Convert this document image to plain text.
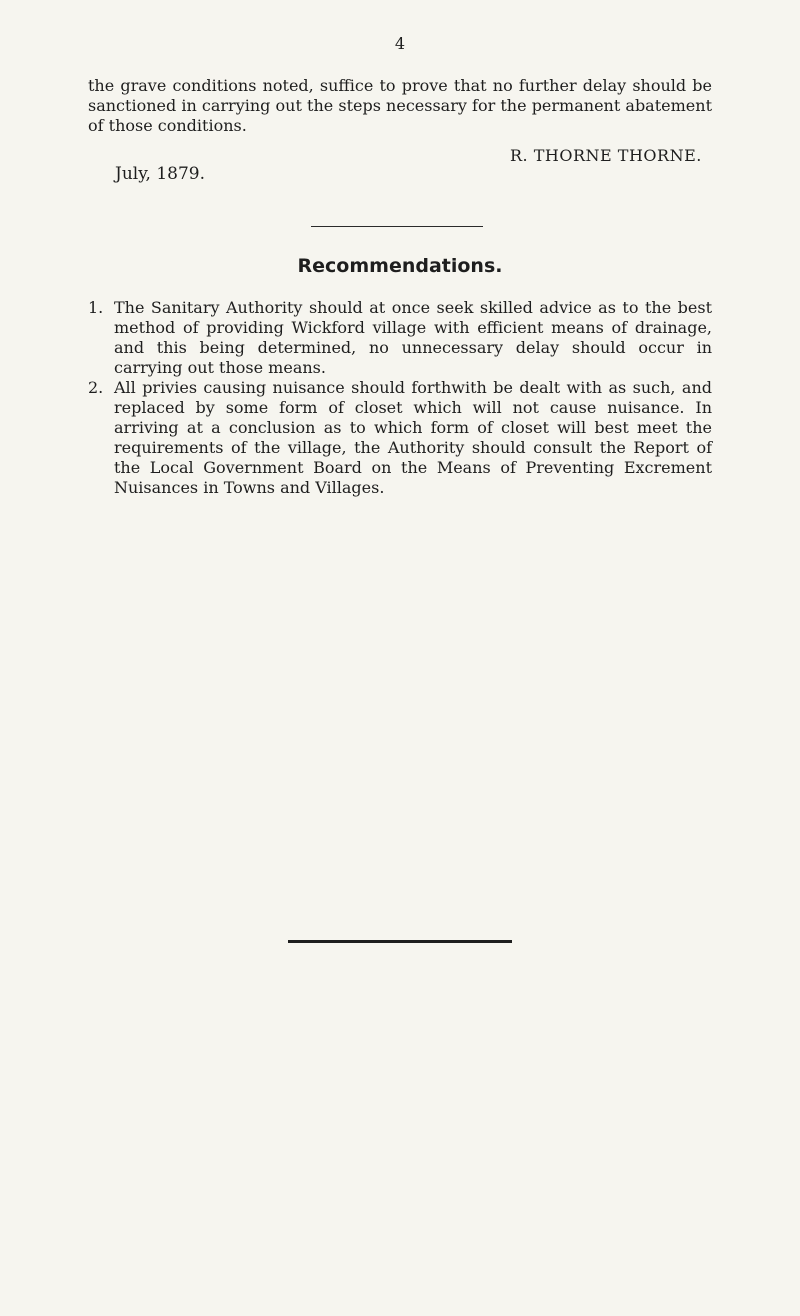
4

the grave conditions noted, suffice to prove that no further delay should be sanctioned in carrying out the steps necessary for the permanent abatement of those conditions.

R. THORNE THORNE.
July, 1879.
Recommendations.
1. The Sanitary Authority should at once seek skilled advice as to the best method of providing Wickford village with efficient means of drainage, and this being determined, no unnecessary delay should occur in carrying out those means.
2. All privies causing nuisance should forthwith be dealt with as such, and replaced by some form of closet which will not cause nuisance. In arriving at a conclusion as to which form of closet will best meet the requirements of the village, the Authority should consult the Report of the Local Government Board on the Means of Preventing Excrement Nuisances in Towns and Villages.
